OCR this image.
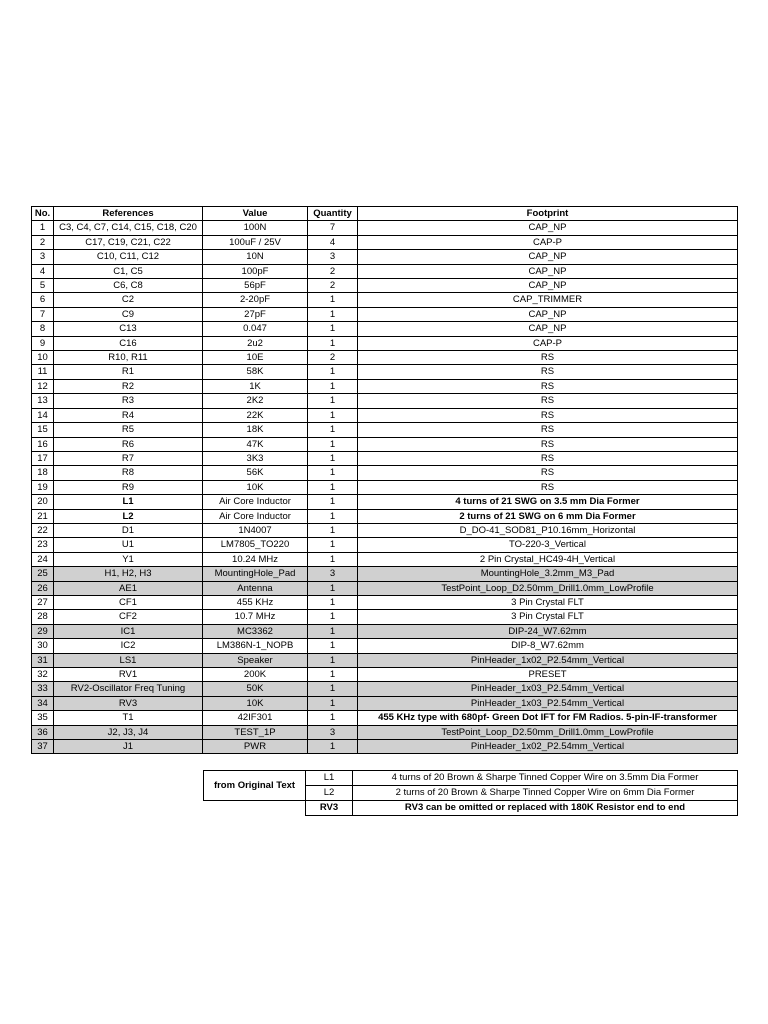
No.	References	Value	Quantity	Footprint
1	C3, C4, C7, C14, C15, C18, C20	100N	7	CAP_NP
2	C17, C19, C21, C22	100uF / 25V	4	CAP-P
3	C10, C11, C12	10N	3	CAP_NP
4	C1, C5	100pF	2	CAP_NP
5	C6, C8	56pF	2	CAP_NP
6	C2	2-20pF	1	CAP_TRIMMER
7	C9	27pF	1	CAP_NP
8	C13	0.047	1	CAP_NP
9	C16	2u2	1	CAP-P
10	R10, R11	10E	2	RS
11	R1	58K	1	RS
12	R2	1K	1	RS
13	R3	2K2	1	RS
14	R4	22K	1	RS
15	R5	18K	1	RS
16	R6	47K	1	RS
17	R7	3K3	1	RS
18	R8	56K	1	RS
19	R9	10K	1	RS
20	L1	Air Core Inductor	1	4 turns of 21 SWG on 3.5 mm Dia Former
21	L2	Air Core Inductor	1	2 turns of 21 SWG on 6 mm Dia Former
22	D1	1N4007	1	D_DO-41_SOD81_P10.16mm_Horizontal
23	U1	LM7805_TO220	1	TO-220-3_Vertical
24	Y1	10.24 MHz	1	2 Pin Crystal_HC49-4H_Vertical
25	H1, H2, H3	MountingHole_Pad	3	MountingHole_3.2mm_M3_Pad
26	AE1	Antenna	1	TestPoint_Loop_D2.50mm_Drill1.0mm_LowProfile
27	CF1	455 KHz	1	3 Pin Crystal FLT
28	CF2	10.7 MHz	1	3 Pin Crystal FLT
29	IC1	MC3362	1	DIP-24_W7.62mm
30	IC2	LM386N-1_NOPB	1	DIP-8_W7.62mm
31	LS1	Speaker	1	PinHeader_1x02_P2.54mm_Vertical
32	RV1	200K	1	PRESET
33	RV2-Oscillator Freq Tuning	50K	1	PinHeader_1x03_P2.54mm_Vertical
34	RV3	10K	1	PinHeader_1x03_P2.54mm_Vertical
35	T1	42IF301	1	455 KHz type with 680pf- Green Dot IFT for FM Radios. 5-pin-IF-transformer
36	J2, J3, J4	TEST_1P	3	TestPoint_Loop_D2.50mm_Drill1.0mm_LowProfile
37	J1	PWR	1	PinHeader_1x02_P2.54mm_Vertical
from Original Text	L1	4 turns of 20 Brown & Sharpe Tinned Copper Wire on 3.5mm Dia Former
	L2	2 turns of 20 Brown & Sharpe Tinned Copper Wire on 6mm Dia Former
	RV3	RV3 can be omitted or replaced with 180K Resistor end to end
